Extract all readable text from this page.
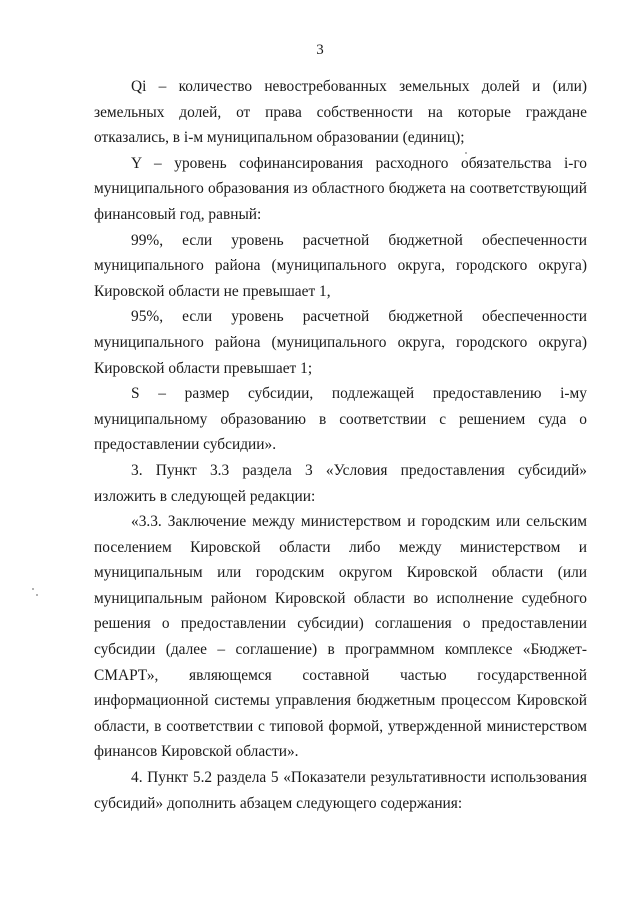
3

Qi – количество невостребованных земельных долей и (или) земельных долей, от права собственности на которые граждане отказались, в i-м муниципальном образовании (единиц);

Y – уровень софинансирования расходного обязательства i-го муниципального образования из областного бюджета на соответствующий финансовый год, равный:

99%, если уровень расчетной бюджетной обеспеченности муниципального района (муниципального округа, городского округа) Кировской области не превышает 1,

95%, если уровень расчетной бюджетной обеспеченности муниципального района (муниципального округа, городского округа) Кировской области превышает 1;

S – размер субсидии, подлежащей предоставлению i-му муниципальному образованию в соответствии с решением суда о предоставлении субсидии».

3. Пункт 3.3 раздела 3 «Условия предоставления субсидий» изложить в следующей редакции:

«3.3. Заключение между министерством и городским или сельским поселением Кировской области либо между министерством и муниципальным или городским округом Кировской области (или муниципальным районом Кировской области во исполнение судебного решения о предоставлении субсидии) соглашения о предоставлении субсидии (далее – соглашение) в программном комплексе «Бюджет-СМАРТ», являющемся составной частью государственной информационной системы управления бюджетным процессом Кировской области, в соответствии с типовой формой, утвержденной министерством финансов Кировской области».

4. Пункт 5.2 раздела 5 «Показатели результативности использования субсидий» дополнить абзацем следующего содержания:
